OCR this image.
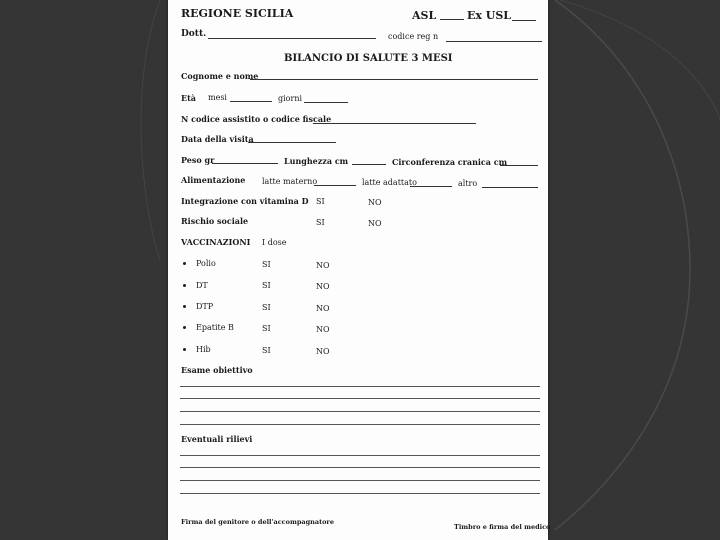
REGIONE SICILIA	ASL	Ex USL
Dott.	codice reg n
BILANCIO DI SALUTE 3 MESI
Cognome e nome
Età mesi	giorni
N codice assistito o codice fiscale
Data della visita
Peso gr	Lunghezza cm	Circonferenza cranica cm
Alimentazione latte materno	latte adattato	altro
Integrazione con vitamina D SI	NO
Rischio sociale	SI	NO
VACCINAZIONI I dose
Polio	SI	NO
DT	SI	NO
DTP	SI	NO
Epatite B	SI	NO
Hib	SI	NO
Esame obiettivo
Eventuali rilievi
Firma del genitore o dell'accompagnatore
Timbro e firma del medico
